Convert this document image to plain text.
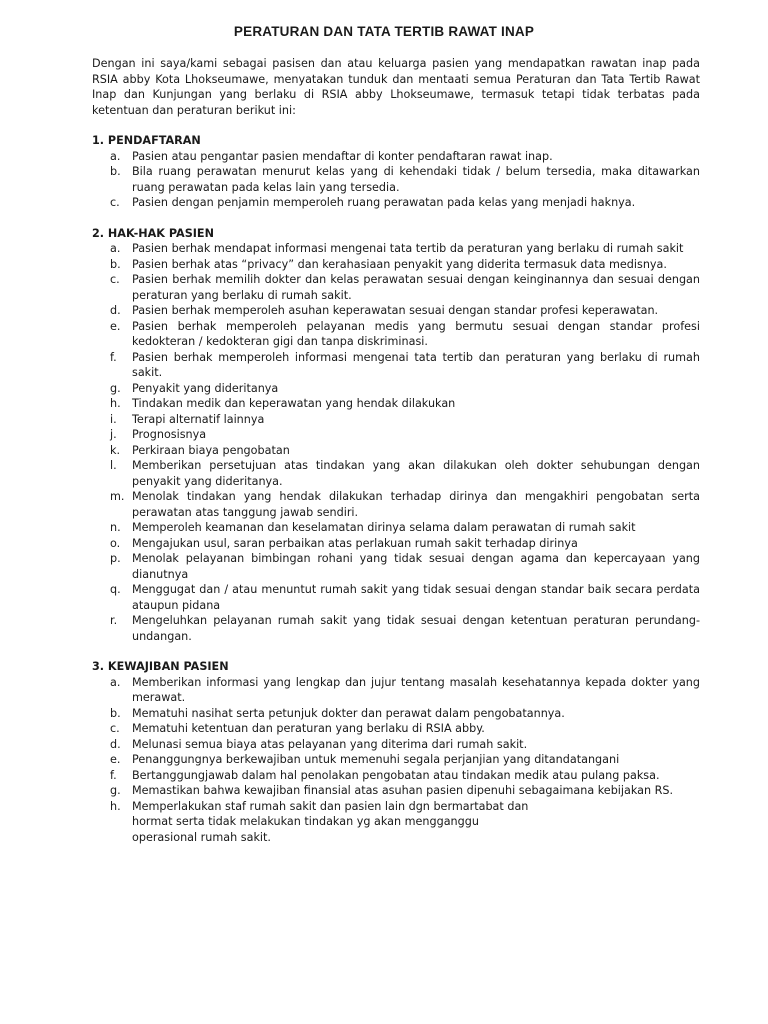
PERATURAN DAN TATA TERTIB RAWAT INAP

Dengan ini saya/kami sebagai pasisen dan atau keluarga pasien yang mendapatkan rawatan inap pada RSIA abby Kota Lhokseumawe, menyatakan tunduk dan mentaati semua Peraturan dan Tata Tertib Rawat Inap dan Kunjungan yang berlaku di RSIA abby Lhokseumawe, termasuk tetapi tidak terbatas pada ketentuan dan peraturan berikut ini:

1. PENDAFTARAN

a.	Pasien atau pengantar pasien mendaftar di konter pendaftaran rawat inap.
b.	Bila ruang perawatan menurut kelas yang di kehendaki tidak / belum tersedia, maka ditawarkan ruang perawatan pada kelas lain yang tersedia.
c.	Pasien dengan penjamin memperoleh ruang perawatan pada kelas yang menjadi haknya.

2. HAK-HAK PASIEN

a.	Pasien berhak mendapat informasi mengenai tata tertib da peraturan yang berlaku di rumah sakit
b.	Pasien berhak atas “privacy” dan kerahasiaan penyakit yang diderita termasuk data medisnya.
c.	Pasien berhak memilih dokter dan kelas perawatan sesuai dengan keinginannya dan sesuai dengan peraturan yang berlaku di rumah sakit.
d.	Pasien berhak memperoleh asuhan keperawatan sesuai dengan standar profesi keperawatan.
e.	Pasien berhak memperoleh pelayanan medis yang bermutu sesuai dengan standar profesi kedokteran / kedokteran gigi dan tanpa diskriminasi.
f.	Pasien berhak memperoleh informasi mengenai tata tertib dan peraturan yang berlaku di rumah sakit.
g.	Penyakit yang dideritanya
h.	Tindakan medik dan keperawatan yang hendak dilakukan
i.	Terapi alternatif lainnya
j.	Prognosisnya
k.	Perkiraan biaya pengobatan
l.	Memberikan persetujuan atas tindakan yang akan dilakukan oleh dokter sehubungan dengan penyakit yang dideritanya.
m. Menolak tindakan yang hendak dilakukan terhadap dirinya dan mengakhiri pengobatan serta perawatan atas tanggung jawab sendiri.
n.	Memperoleh keamanan dan keselamatan dirinya selama dalam perawatan di rumah sakit
o.	Mengajukan usul, saran perbaikan atas perlakuan rumah sakit terhadap dirinya
p.	Menolak pelayanan bimbingan rohani yang tidak sesuai dengan agama dan kepercayaan yang dianutnya
q.	Menggugat dan / atau menuntut rumah sakit yang tidak sesuai dengan standar baik secara perdata ataupun pidana
r.	Mengeluhkan pelayanan rumah sakit yang tidak sesuai dengan ketentuan peraturan perundang-undangan.

3. KEWAJIBAN PASIEN

a.	Memberikan informasi yang lengkap dan jujur tentang masalah kesehatannya kepada dokter yang merawat.
b.	Mematuhi nasihat serta petunjuk dokter dan perawat dalam pengobatannya.
c.	Mematuhi ketentuan dan peraturan yang berlaku di RSIA abby.
d.	Melunasi semua biaya atas pelayanan yang diterima dari rumah sakit.
e.	Penanggungnya berkewajiban untuk memenuhi segala perjanjian yang ditandatangani
f.	Bertanggungjawab dalam hal penolakan pengobatan atau tindakan medik atau pulang paksa.
g.	Memastikan bahwa kewajiban finansial atas asuhan pasien dipenuhi sebagaimana kebijakan RS.
h.	Memperlakukan staf rumah sakit dan pasien lain dgn bermartabat dan
hormat serta tidak melakukan tindakan yg akan mengganggu
operasional rumah sakit.
